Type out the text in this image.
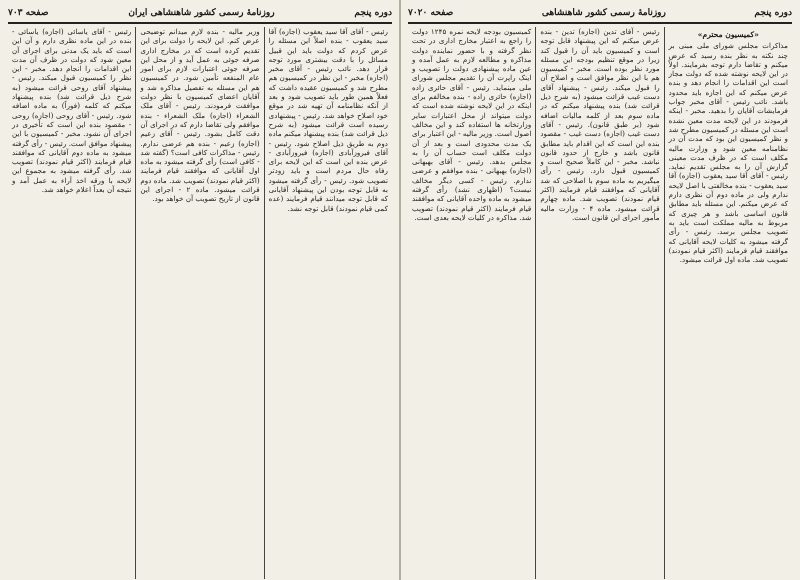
صفحه ۷۰۲۰	روزنامهٔ رسمی کشور شاهنشاهی	دوره پنجم

«کمیسیون محترم»

مذاکرات مجلس شورای ملی مبنی بر چند نکته به نظر بنده رسید که عرض میکنم و تقاضا دارم توجه بفرمایند. اولاً در این لایحه نوشته شده که دولت مجاز است این اقدامات را انجام دهد و بنده عرض میکنم که این اجازه باید محدود باشد. نائب رئیس - آقای مخبر جواب فرمایشات آقایان را بدهید. مخبر - اینکه فرمودند در این لایحه مدت معین نشده است این مسئله در کمیسیون مطرح شد و نظر کمیسیون این بود که مدت آن در نظامنامه معین شود و وزارت مالیه مکلف است که در ظرف مدت معینی گزارش آن را به مجلس تقدیم نماید. رئیس - آقای آقا سید یعقوب (اجازه) آقا سید یعقوب - بنده مخالفتی با اصل لایحه ندارم ولی در ماده دوم آن نظری دارم که عرض میکنم. این مسئله باید مطابق قانون اساسی باشد و هر چیزی که مربوط به مالیه مملکت است باید به تصویب مجلس برسد. رئیس - رأی گرفته میشود به کلیات لایحه آقایانی که موافقند قیام فرمایند (اکثر قیام نمودند) تصویب شد. ماده اول قرائت میشود.

رئیس - آقای تدین (اجازه) تدین - بنده عرض میکنم که این پیشنهاد قابل توجه است و کمیسیون باید آن را قبول کند زیرا در موقع تنظیم بودجه این مسئله مورد نظر بوده است. مخبر - کمیسیون هم با این نظر موافق است و اصلاح آن را قبول میکند. رئیس - پیشنهاد آقای دست غیب قرائت میشود (به شرح ذیل قرائت شد) بنده پیشنهاد میکنم که در ماده سوم بعد از کلمه مالیات اضافه شود (بر طبق قانون). رئیس - آقای دست غیب (اجازه) دست غیب - مقصود بنده این است که این اقدام باید مطابق قانون باشد و خارج از حدود قانون نباشد. مخبر - این کاملاً صحیح است و کمیسیون قبول دارد. رئیس - رأی میگیریم به ماده سوم با اصلاحی که شد آقایانی که موافقند قیام فرمایند (اکثر قیام نمودند) تصویب شد. ماده چهارم قرائت میشود. ماده ۴ - وزارت مالیه مأمور اجرای این قانون است.

کمیسیون بودجه لایحه نمره ۱۲۴۵ دولت را راجع به اعتبار مخارج اداری در تحت نظر گرفته و با حضور نماینده دولت مذاکره و مطالعه لازم به عمل آمده و عین ماده پیشنهادی دولت را تصویب و اینک راپرت آن را تقدیم مجلس شورای ملی مینماید. رئیس - آقای حائری زاده (اجازه) حائری زاده - بنده مخالفم برای اینکه در این لایحه نوشته شده است که دولت میتواند از محل اعتبارات سایر وزارتخانه ها استفاده کند و این مخالف اصول است. وزیر مالیه - این اعتبار برای یک مدت محدودی است و بعد از آن دولت مکلف است حساب آن را به مجلس بدهد. رئیس - آقای بهبهانی (اجازه) بهبهانی - بنده موافقم و عرضی ندارم. رئیس - کسی دیگر مخالف نیست؟ (اظهاری نشد) رأی گرفته میشود به ماده واحده آقایانی که موافقند قیام فرمایند (اکثر قیام نمودند) تصویب شد. مذاکره در کلیات لایحه بعدی است.

صفحه ۷۰۳	روزنامهٔ رسمی کشور شاهنشاهی ایران	دوره پنجم

رئیس - آقای آقا سید یعقوب (اجازه) آقا سید یعقوب - بنده اصلاً این مسئله را عرض کردم که دولت باید این قبیل مسائل را با دقت بیشتری مورد توجه قرار دهد. نائب رئیس - آقای مخبر (اجازه) مخبر - این نظر در کمیسیون هم مطرح شد و کمیسیون عقیده داشت که فعلاً همین طور باید تصویب شود و بعد از آنکه نظامنامه آن تهیه شد در موقع خود اصلاح خواهد شد. رئیس - پیشنهادی رسیده است قرائت میشود (به شرح ذیل قرائت شد) بنده پیشنهاد میکنم ماده دوم به طریق ذیل اصلاح شود. رئیس - آقای فیروزآبادی (اجازه) فیروزآبادی - عرض بنده این است که این لایحه برای رفاه حال مردم است و باید زودتر تصویب شود. رئیس - رأی گرفته میشود به قابل توجه بودن این پیشنهاد آقایانی که قابل توجه میدانند قیام فرمایند (عده کمی قیام نمودند) قابل توجه نشد.

وزیر مالیه - بنده لازم میدانم توضیحی عرض کنم. این لایحه را دولت برای این تقدیم کرده است که در مخارج اداری صرفه جوئی به عمل آید و از محل این صرفه جوئی اعتبارات لازم برای امور عام المنفعه تأمین شود. در کمیسیون هم این مسئله به تفصیل مذاکره شد و آقایان اعضای کمیسیون با نظر دولت موافقت فرمودند. رئیس - آقای ملک الشعراء (اجازه) ملک الشعراء - بنده موافقم ولی تقاضا دارم که در اجرای آن دقت کامل بشود. رئیس - آقای زعیم (اجازه) زعیم - بنده هم عرضی ندارم. رئیس - مذاکرات کافی است؟ (گفته شد - کافی است) رأی گرفته میشود به ماده اول آقایانی که موافقند قیام فرمایند (اکثر قیام نمودند) تصویب شد. ماده دوم قرائت میشود. ماده ۲ - اجرای این قانون از تاریخ تصویب آن خواهد بود.

رئیس - آقای یاسائی (اجازه) یاسائی - بنده در این ماده نظری دارم و آن این است که باید یک مدتی برای اجرای آن معین شود که دولت در ظرف آن مدت این اقدامات را انجام دهد. مخبر - این نظر را کمیسیون قبول میکند. رئیس - پیشنهاد آقای روحی قرائت میشود (به شرح ذیل قرائت شد) بنده پیشنهاد میکنم که کلمه (فوراً) به ماده اضافه شود. رئیس - آقای روحی (اجازه) روحی - مقصود بنده این است که تأخیری در اجرای آن نشود. مخبر - کمیسیون با این پیشنهاد موافق است. رئیس - رأی گرفته میشود به ماده دوم آقایانی که موافقند قیام فرمایند (اکثر قیام نمودند) تصویب شد. رأی گرفته میشود به مجموع این لایحه با ورقه اخذ آراء به عمل آمد و نتیجه آن بعداً اعلام خواهد شد.
